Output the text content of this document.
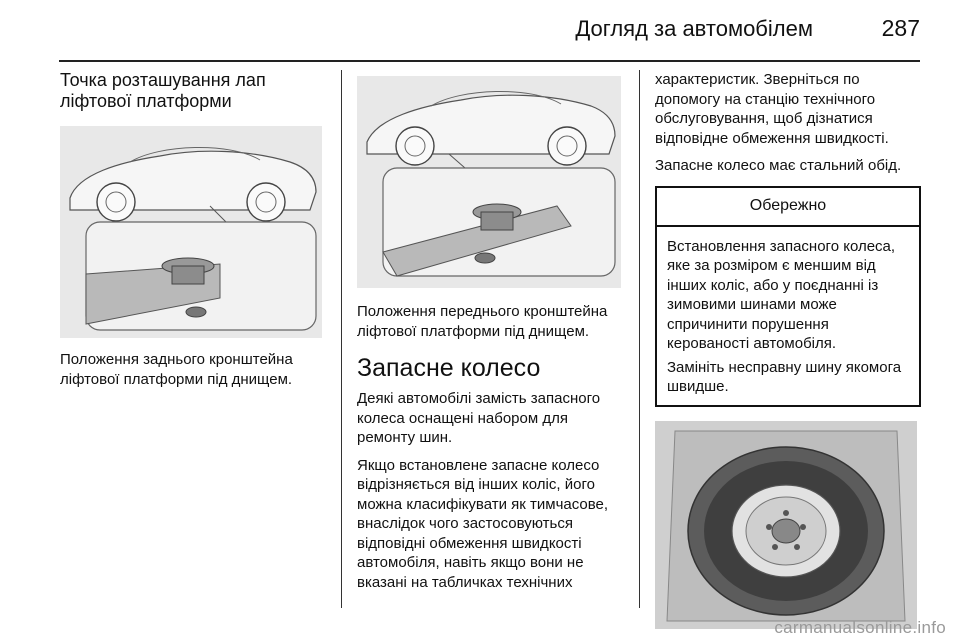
Догляд за автомобілем	287
Точка розташування лап ліфтової платформи

Положення заднього кронштейна ліфтової платформи під днищем.

Положення переднього кронштейна ліфтової платформи під днищем.

Запасне колесо

Деякі автомобілі замість запасного колеса оснащені набором для ремонту шин.

Якщо встановлене запасне колесо відрізняється від інших коліс, його можна класифікувати як тимчасове, внаслідок чого застосовуються відповідні обмеження швидкості автомобіля, навіть якщо вони не вказані на табличках технічних

характеристик. Зверніться по допомогу на станцію технічного обслуговування, щоб дізнатися відповідне обмеження швидкості.

Запасне колесо має стальний обід.

Обережно

Встановлення запасного колеса, яке за розміром є меншим від інших коліс, або у поєднанні із зимовими шинами може спричинити порушення керованості автомобіля.

Замініть несправну шину якомога швидше.

carmanualsonline.info
